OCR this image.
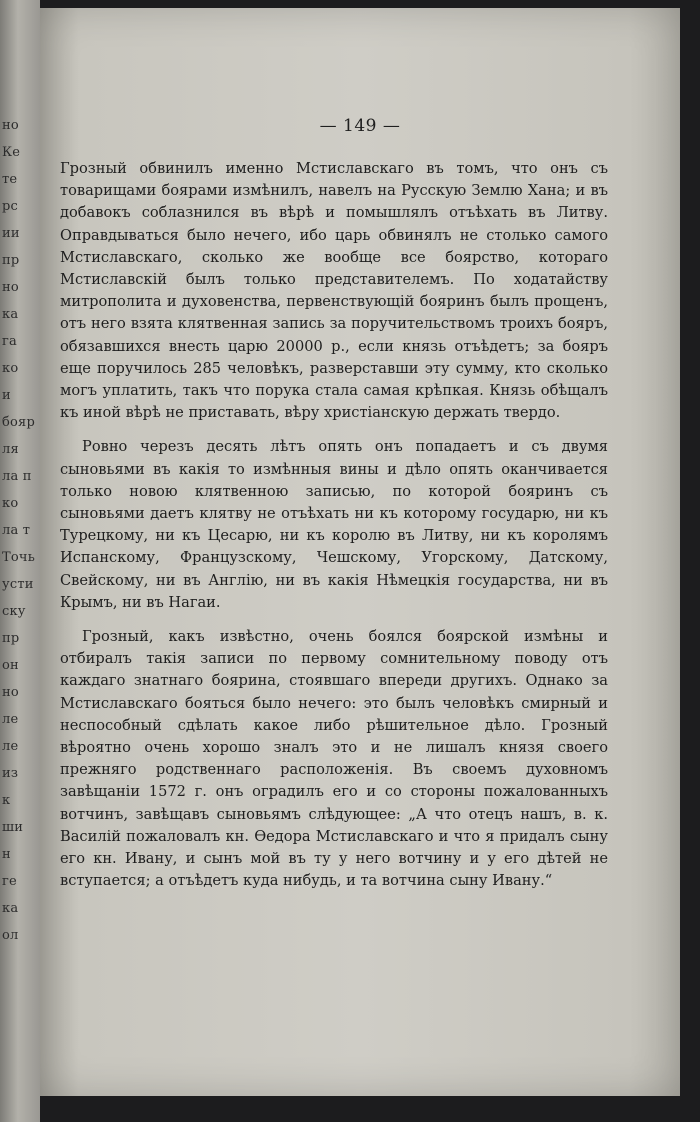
но
Ке
те
рс
ии
пр
но
ка
га
ко
и
бояр
ля
ла п
ко
ла т
Точь
усти
ску
пр
он
но
ле
ле
из
к
ши
н
ге
ка
ол
— 149 —

Грозный обвинилъ именно Мстиславскаго въ томъ, что онъ съ товарищами боярами измѣнилъ, навелъ на Русскую Землю Хана; и въ добавокъ соблазнился въ вѣрѣ и помышлялъ отъѣхать въ Литву. Оправдываться было нечего, ибо царь обвинялъ не столько самого Мстиславскаго, сколько же вообще все боярство, котораго Мстиславскій былъ только представителемъ. По ходатайству митрополита и духовенства, первенствующій бояринъ былъ прощенъ, отъ него взята клятвенная запись за поручительствомъ троихъ бояръ, обязавшихся внесть царю 20000 р., если князь отъѣдетъ; за бояръ еще поручилось 285 человѣкъ, разверставши эту сумму, кто сколько могъ уплатить, такъ что порука стала самая крѣпкая. Князь обѣщалъ къ иной вѣрѣ не приставать, вѣру христіанскую держать твердо.

Ровно черезъ десять лѣтъ опять онъ попадаетъ и съ двумя сыновьями въ какія то измѣнныя вины и дѣло опять оканчивается только новою клятвенною записью, по которой бояринъ съ сыновьями даетъ клятву не отъѣхать ни къ которому государю, ни къ Турецкому, ни къ Цесарю, ни къ королю въ Литву, ни къ королямъ Испанскому, Французскому, Чешскому, Угорскому, Датскому, Свейскому, ни въ Англію, ни въ какія Нѣмецкія государства, ни въ Крымъ, ни въ Нагаи.

Грозный, какъ извѣстно, очень боялся боярской измѣны и отбиралъ такія записи по первому сомнительному поводу отъ каждаго знатнаго боярина, стоявшаго впереди другихъ. Однако за Мстиславскаго бояться было нечего: это былъ человѣкъ смирный и неспособный сдѣлать какое либо рѣшительное дѣло. Грозный вѣроятно очень хорошо зналъ это и не лишалъ князя своего прежняго родственнаго расположенія. Въ своемъ духовномъ завѣщаніи 1572 г. онъ оградилъ его и со стороны пожалованныхъ вотчинъ, завѣщавъ сыновьямъ слѣдующее: „А что отецъ нашъ, в. к. Василій пожаловалъ кн. Өедора Мстиславскаго и что я придалъ сыну его кн. Ивану, и сынъ мой въ ту у него вотчину и у его дѣтей не вступается; а отъѣдетъ куда нибудь, и та вотчина сыну Ивану.“
